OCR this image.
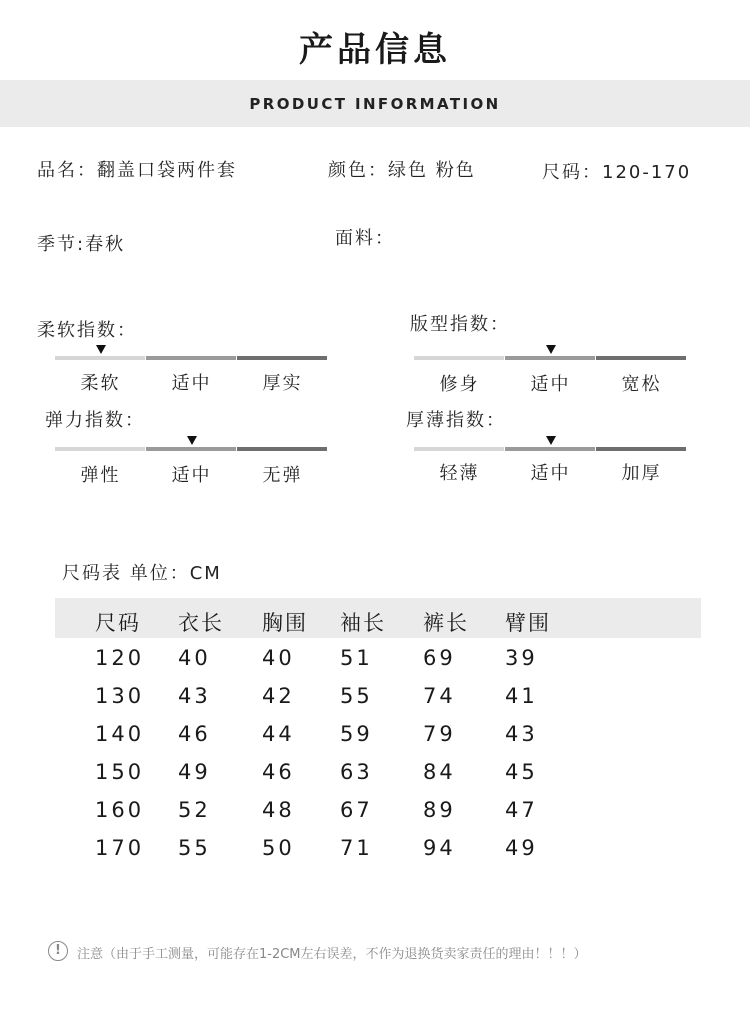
产品信息
PRODUCT INFORMATION
品名：翻盖口袋两件套	颜色：绿色 粉色	尺码：120-170
季节:春秋	面料：
柔软指数：
柔软	适中	厚实
版型指数：
修身	适中	宽松
弹力指数：
弹性	适中	无弹
厚薄指数：
轻薄	适中	加厚
尺码表 单位：CM
尺码 衣长 胸围 袖长 裤长 臂围
120 40 40 51 69 39
130 43 42 55 74 41
140 46 44 59 79 43
150 49 46 63 84 45
160 52 48 67 89 47
170 55 50 71 94 49
!	注意（由于手工测量，可能存在1-2CM左右误差，不作为退换货卖家责任的理由！！！）
